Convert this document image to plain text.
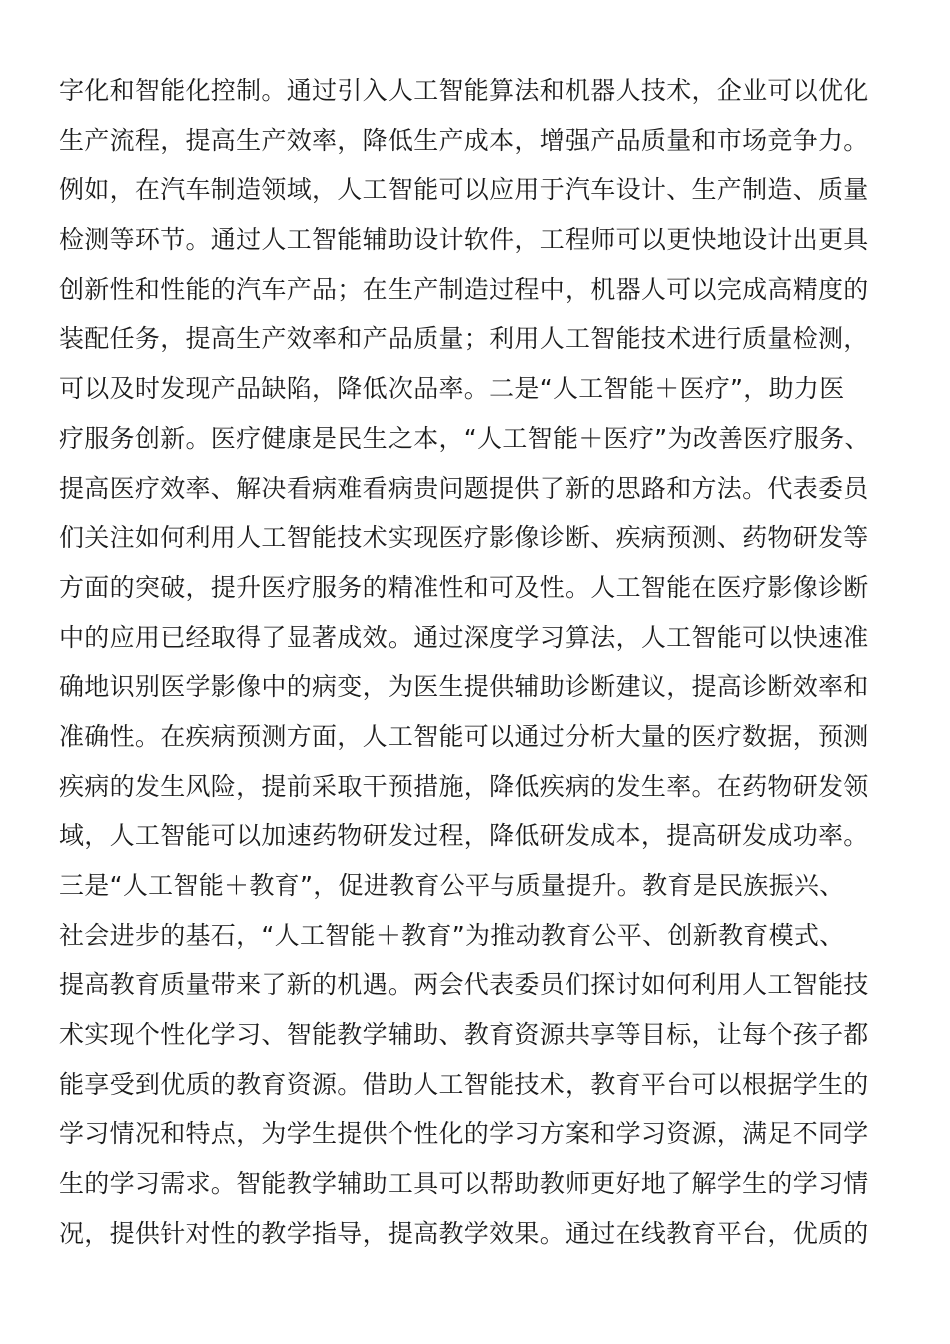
字化和智能化控制。通过引入人工智能算法和机器人技术，企业可以优化
生产流程，提高生产效率，降低生产成本，增强产品质量和市场竞争力。
例如，在汽车制造领域，人工智能可以应用于汽车设计、生产制造、质量
检测等环节。通过人工智能辅助设计软件，工程师可以更快地设计出更具
创新性和性能的汽车产品；在生产制造过程中，机器人可以完成高精度的
装配任务，提高生产效率和产品质量；利用人工智能技术进行质量检测，
可以及时发现产品缺陷，降低次品率。二是“人工智能＋医疗”，助力医
疗服务创新。医疗健康是民生之本，“人工智能＋医疗”为改善医疗服务、
提高医疗效率、解决看病难看病贵问题提供了新的思路和方法。代表委员
们关注如何利用人工智能技术实现医疗影像诊断、疾病预测、药物研发等
方面的突破，提升医疗服务的精准性和可及性。人工智能在医疗影像诊断
中的应用已经取得了显著成效。通过深度学习算法，人工智能可以快速准
确地识别医学影像中的病变，为医生提供辅助诊断建议，提高诊断效率和
准确性。在疾病预测方面，人工智能可以通过分析大量的医疗数据，预测
疾病的发生风险，提前采取干预措施，降低疾病的发生率。在药物研发领
域，人工智能可以加速药物研发过程，降低研发成本，提高研发成功率。
三是“人工智能＋教育”，促进教育公平与质量提升。教育是民族振兴、
社会进步的基石，“人工智能＋教育”为推动教育公平、创新教育模式、
提高教育质量带来了新的机遇。两会代表委员们探讨如何利用人工智能技
术实现个性化学习、智能教学辅助、教育资源共享等目标，让每个孩子都
能享受到优质的教育资源。借助人工智能技术，教育平台可以根据学生的
学习情况和特点，为学生提供个性化的学习方案和学习资源，满足不同学
生的学习需求。智能教学辅助工具可以帮助教师更好地了解学生的学习情
况，提供针对性的教学指导，提高教学效果。通过在线教育平台，优质的
